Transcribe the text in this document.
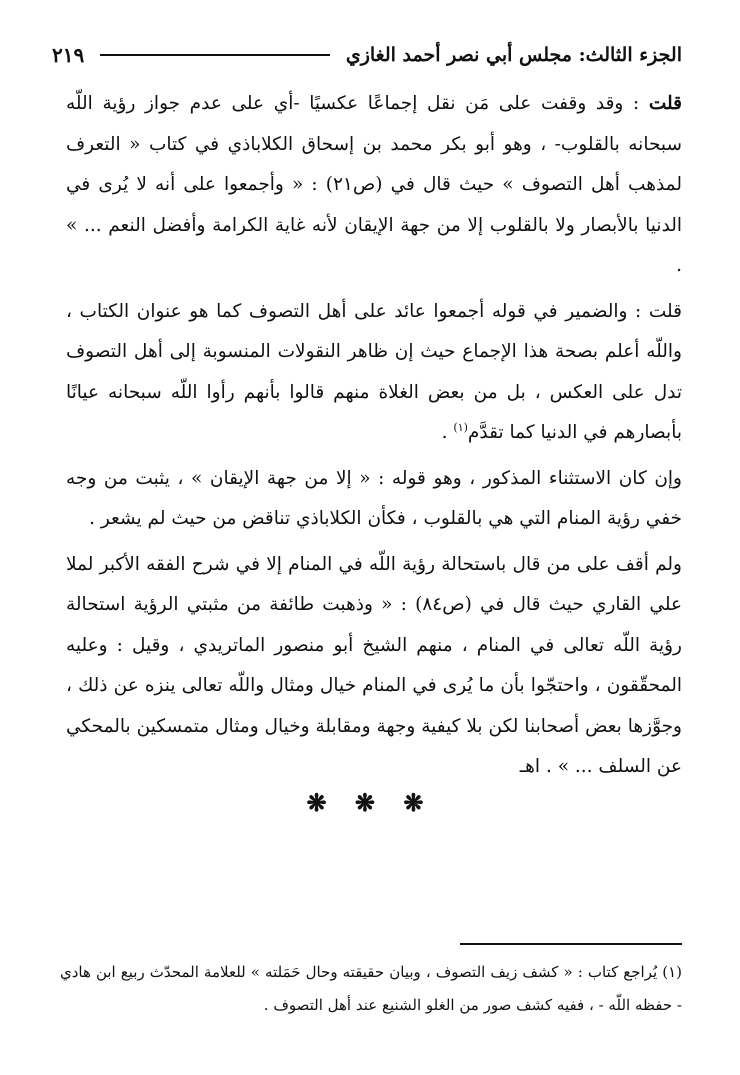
الجزء الثالث: مجلس أبي نصر أحمد الغازي
٢١٩

قلت : وقد وقفت على مَن نقل إجماعًا عكسيًا -أي على عدم جواز رؤية اللّه سبحانه بالقلوب- ، وهو أبو بكر محمد بن إسحاق الكلاباذي في كتاب « التعرف لمذهب أهل التصوف » حيث قال في (ص٢١) : « وأجمعوا على أنه لا يُرى في الدنيا بالأبصار ولا بالقلوب إلا من جهة الإيقان لأنه غاية الكرامة وأفضل النعم ... » .

قلت : والضمير في قوله أجمعوا عائد على أهل التصوف كما هو عنوان الكتاب ، واللّه أعلم بصحة هذا الإجماع حيث إن ظاهر النقولات المنسوبة إلى أهل التصوف تدل على العكس ، بل من بعض الغلاة منهم قالوا بأنهم رأوا اللّه سبحانه عيانًا بأبصارهم في الدنيا كما تقدَّم$^{(١)}$ .

وإن كان الاستثناء المذكور ، وهو قوله : « إلا من جهة الإيقان » ، يثبت من وجه خفي رؤية المنام التي هي بالقلوب ، فكأن الكلاباذي تناقض من حيث لم يشعر .

ولم أقف على من قال باستحالة رؤية اللّه في المنام إلا في شرح الفقه الأكبر لملا علي القاري حيث قال في (ص٨٤) : « وذهبت طائفة من مثبتي الرؤية استحالة رؤية اللّه تعالى في المنام ، منهم الشيخ أبو منصور الماتريدي ، وقيل : وعليه المحقّقون ، واحتجّوا بأن ما يُرى في المنام خيال ومثال واللّه تعالى ينزه عن ذلك ، وجوَّزها بعض أصحابنا لكن بلا كيفية وجهة ومقابلة وخيال ومثال متمسكين بالمحكي عن السلف ... » . اهـ

❋ ❋ ❋

(١) يُراجع كتاب : « كشف زيف التصوف ، وبيان حقيقته وحال حَمَلته » للعلامة المحدّث ربيع ابن هادي - حفظه اللّه - ، ففيه كشف صور من الغلو الشنيع عند أهل التصوف .
